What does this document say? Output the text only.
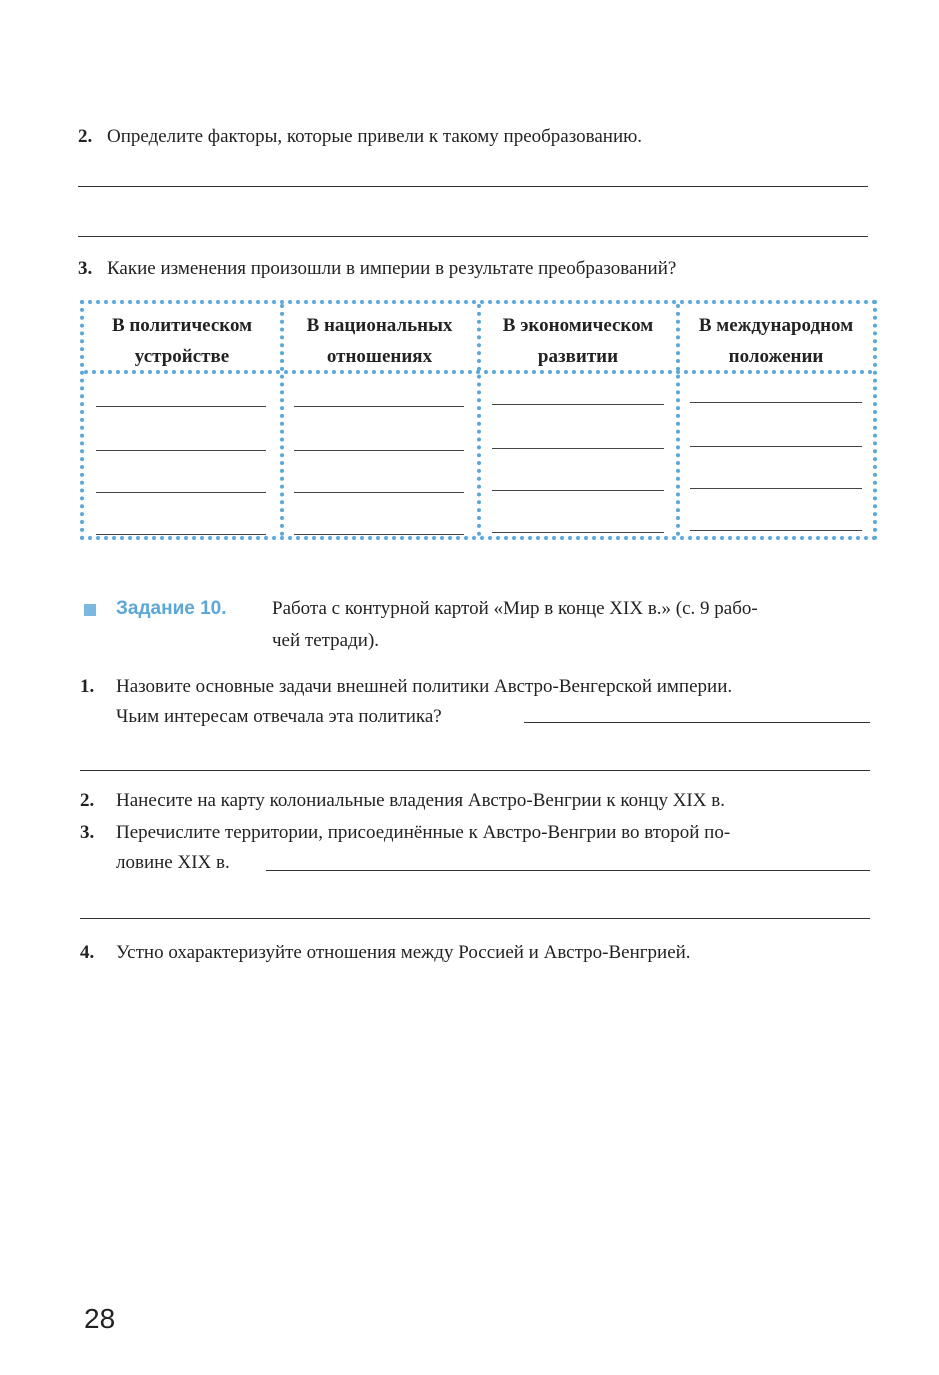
2. Определите факторы, которые привели к такому преобразованию.
3. Какие изменения произошли в империи в результате преобразований?
В политическом
устройстве
В национальных
отношениях
В экономическом
развитии
В международном
положении
Задание 10. Работа с контурной картой «Мир в конце XIX в.» (с. 9 рабо-
чей тетради).
1. Назовите основные задачи внешней политики Австро-Венгерской империи.
Чьим интересам отвечала эта политика?
2. Нанесите на карту колониальные владения Австро-Венгрии к концу XIX в.
3. Перечислите территории, присоединённые к Австро-Венгрии во второй по-
ловине XIX в.
4. Устно охарактеризуйте отношения между Россией и Австро-Венгрией.
28
